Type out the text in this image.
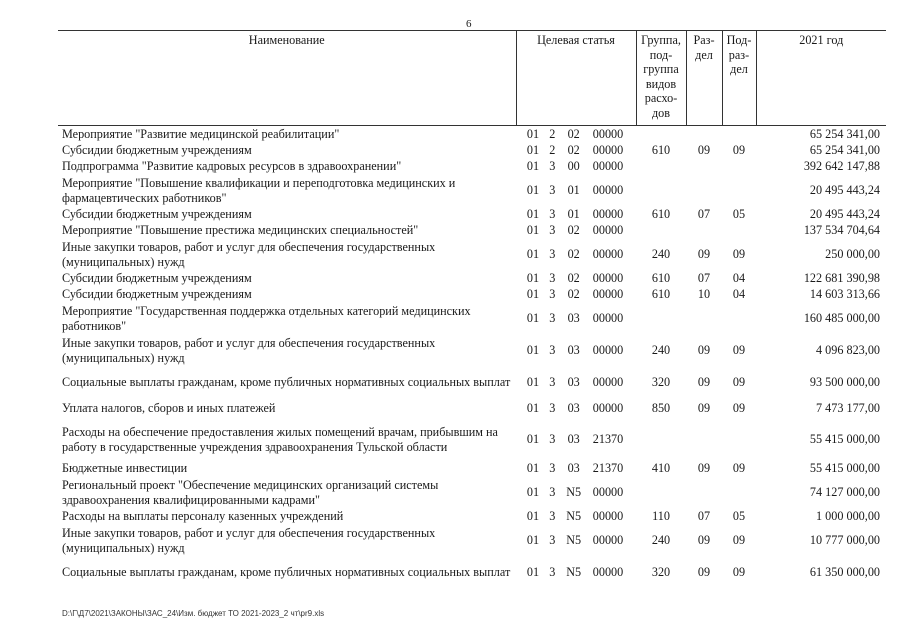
6
Наименование	Целевая статья	Группа, под-группа видов расхо-дов	Раз-дел	Под-раз-дел	2021 год
Мероприятие "Развитие медицинской реабилитации"	01 2 02 00000				65 254 341,00
Субсидии бюджетным учреждениям	01 2 02 00000	610	09	09	65 254 341,00
Подпрограмма "Развитие кадровых ресурсов в здравоохранении"	01 3 00 00000				392 642 147,88
Мероприятие "Повышение квалификации и переподготовка медицинских и фармацевтических работников"	01 3 01 00000				20 495 443,24
Субсидии бюджетным учреждениям	01 3 01 00000	610	07	05	20 495 443,24
Мероприятие "Повышение престижа медицинских специальностей"	01 3 02 00000				137 534 704,64
Иные закупки товаров, работ и услуг для обеспечения государственных (муниципальных) нужд	01 3 02 00000	240	09	09	250 000,00
Субсидии бюджетным учреждениям	01 3 02 00000	610	07	04	122 681 390,98
Субсидии бюджетным учреждениям	01 3 02 00000	610	10	04	14 603 313,66
Мероприятие "Государственная поддержка отдельных категорий медицинских работников"	01 3 03 00000				160 485 000,00
Иные закупки товаров, работ и услуг для обеспечения государственных (муниципальных) нужд	01 3 03 00000	240	09	09	4 096 823,00
Социальные выплаты гражданам, кроме публичных нормативных социальных выплат	01 3 03 00000	320	09	09	93 500 000,00
Уплата налогов, сборов и иных платежей	01 3 03 00000	850	09	09	7 473 177,00
Расходы на обеспечение предоставления жилых помещений врачам, прибывшим на работу в государственные учреждения здравоохранения Тульской области	01 3 03 21370				55 415 000,00
Бюджетные инвестиции	01 3 03 21370	410	09	09	55 415 000,00
Региональный проект "Обеспечение медицинских организаций системы здравоохранения квалифицированными кадрами"	01 3 N5 00000				74 127 000,00
Расходы на выплаты персоналу казенных учреждений	01 3 N5 00000	110	07	05	1 000 000,00
Иные закупки товаров, работ и услуг для обеспечения государственных (муниципальных) нужд	01 3 N5 00000	240	09	09	10 777 000,00
Социальные выплаты гражданам, кроме публичных нормативных социальных выплат	01 3 N5 00000	320	09	09	61 350 000,00
D:\Г\Д7\2021\ЗАКОНЫ\ЗАС_24\Изм. бюджет ТО 2021-2023_2 чт\pr9.xls
